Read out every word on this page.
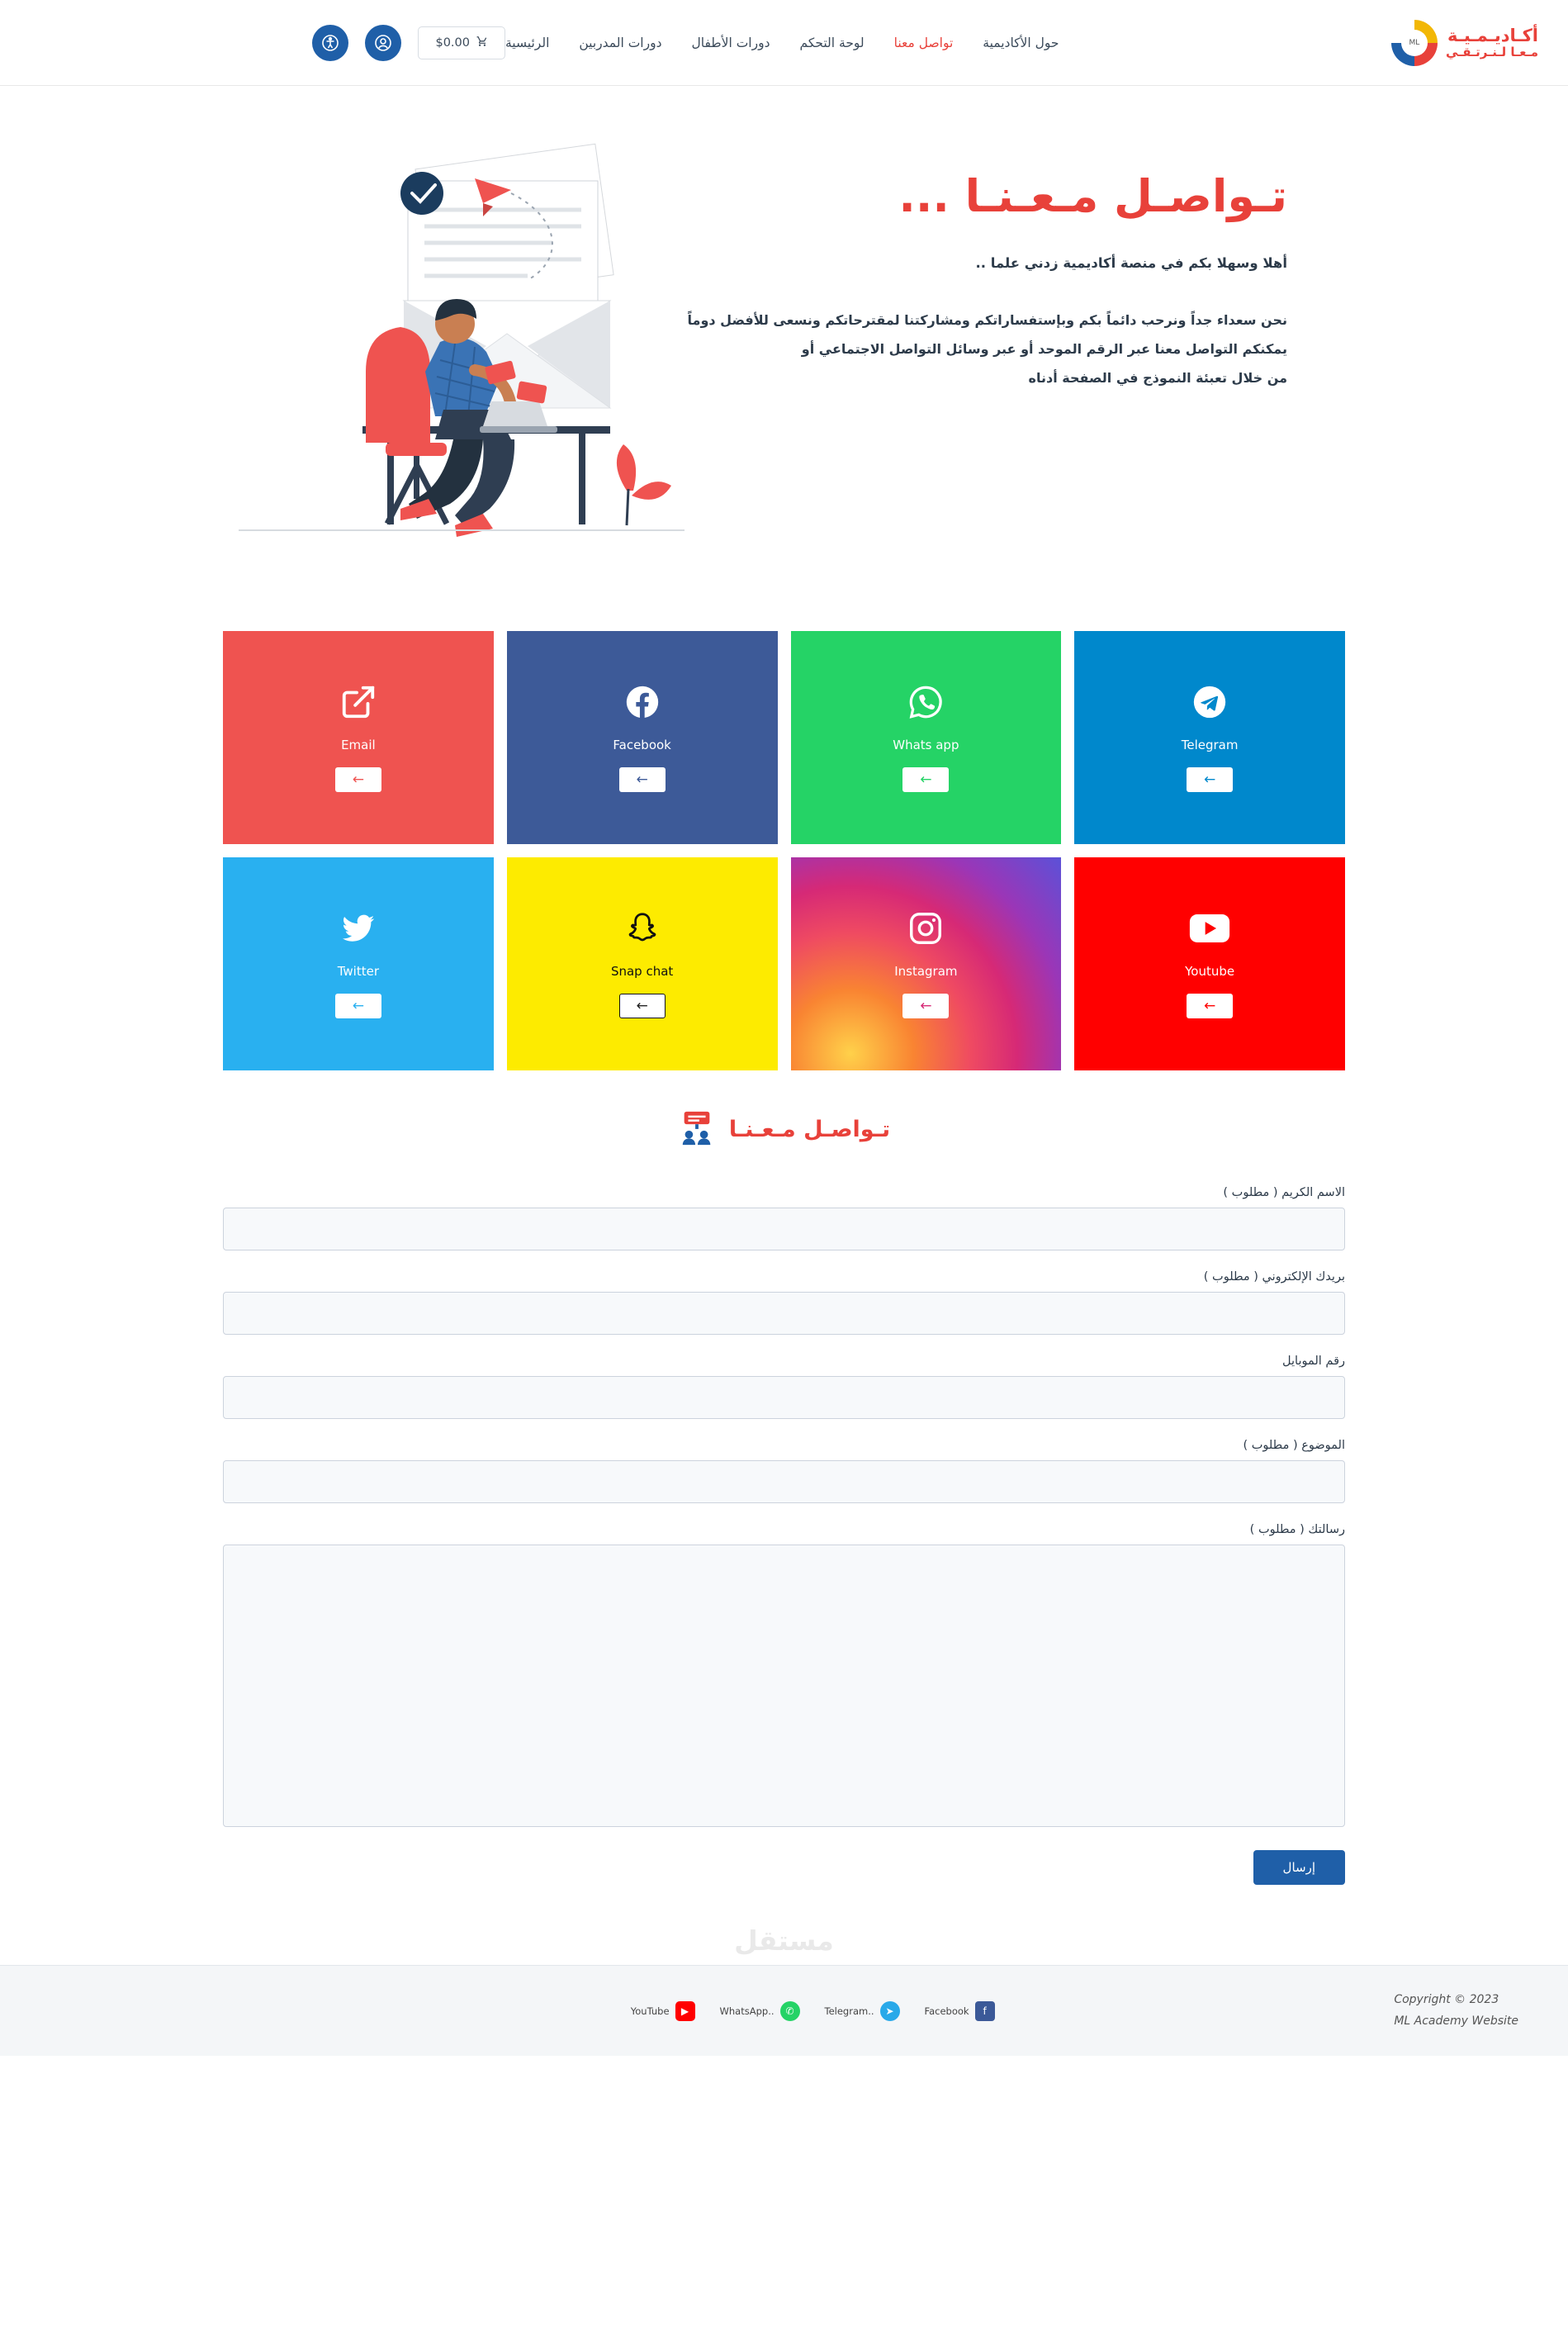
$0.00	حول الأكاديمية
تواصل معنا
لوحة التحكم
دورات الأطفال
دورات المدربين
الرئيسية	أكـاديـمـيـة
مـعـا لـنـرتـقـي
ML
تـواصـل مـعـنـا ...
أهلا وسهلا بكم في منصة أكاديمية زدني علما ..

نحن سعداء جداً ونرحب دائماً بكم وبإستفساراتكم ومشاركتنا لمقترحاتكم ونسعى للأفضل دوماً

يمكنكم التواصل معنا عبر الرقم الموحد أو عبر وسائل التواصل الاجتماعي أو

من خلال تعبئة النموذج في الصفحة أدناه

Email
←
Facebook
←
Whats app
←
Telegram
←
Twitter
←
Snap chat
←
Instagram
←
Youtube
←
تـواصـل مـعـنـا
الاسم الكريم ( مطلوب )
بريدك الإلكتروني ( مطلوب )
رقم الموبايل
الموضوع ( مطلوب )
رسالتك ( مطلوب )
إرسال
مستقل
Copyright © 2023
ML Academy Website
YouTube	▶	WhatsApp..	✆	Telegram..	➤	Facebook	f
